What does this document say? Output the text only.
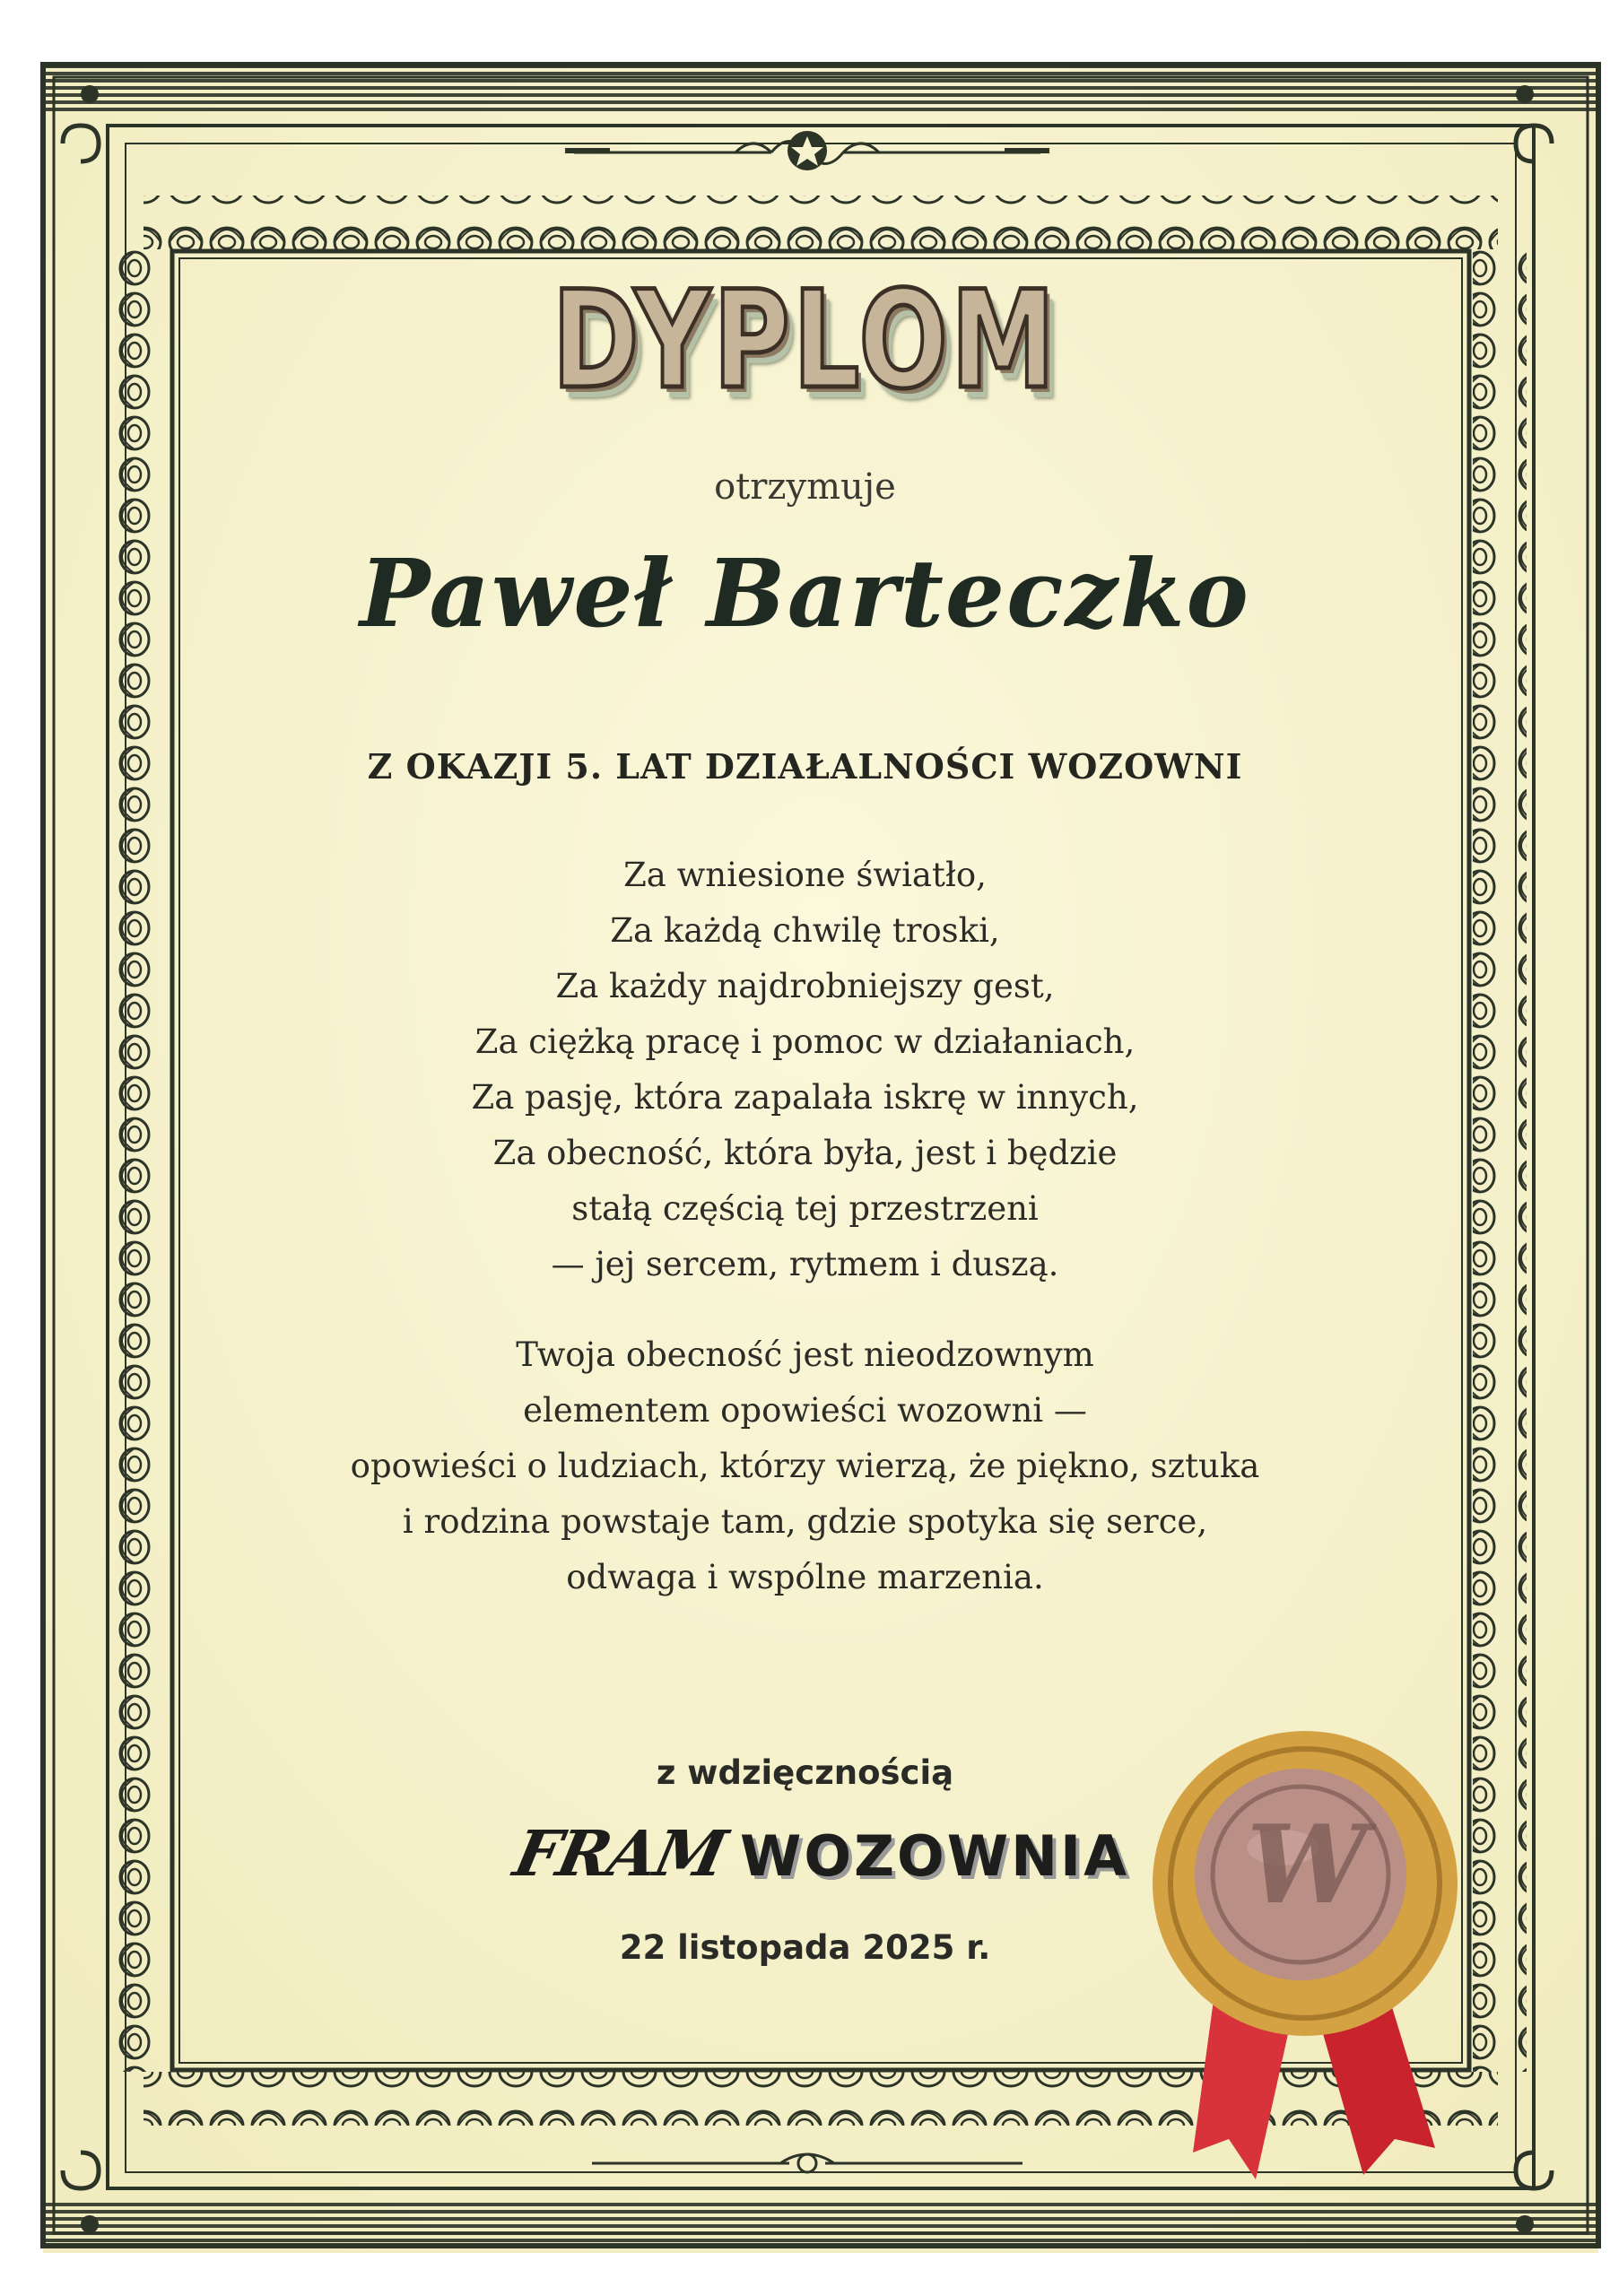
DYPLOM
otrzymuje
Paweł Barteczko
Z OKAZJI 5. LAT DZIAŁALNOŚCI WOZOWNI
Za wniesione światło,
Za każdą chwilę troski,
Za każdy najdrobniejszy gest,
Za ciężką pracę i pomoc w działaniach,
Za pasję, która zapalała iskrę w innych,
Za obecność, która była, jest i będzie
stałą częścią tej przestrzeni
— jej sercem, rytmem i duszą.
Twoja obecność jest nieodzownym
elementem opowieści wozowni —
opowieści o ludziach, którzy wierzą, że piękno, sztuka
i rodzina powstaje tam, gdzie spotyka się serce,
odwaga i wspólne marzenia.
z wdzięcznością
FRAM WOZOWNIA
22 listopada 2025 r.
W
